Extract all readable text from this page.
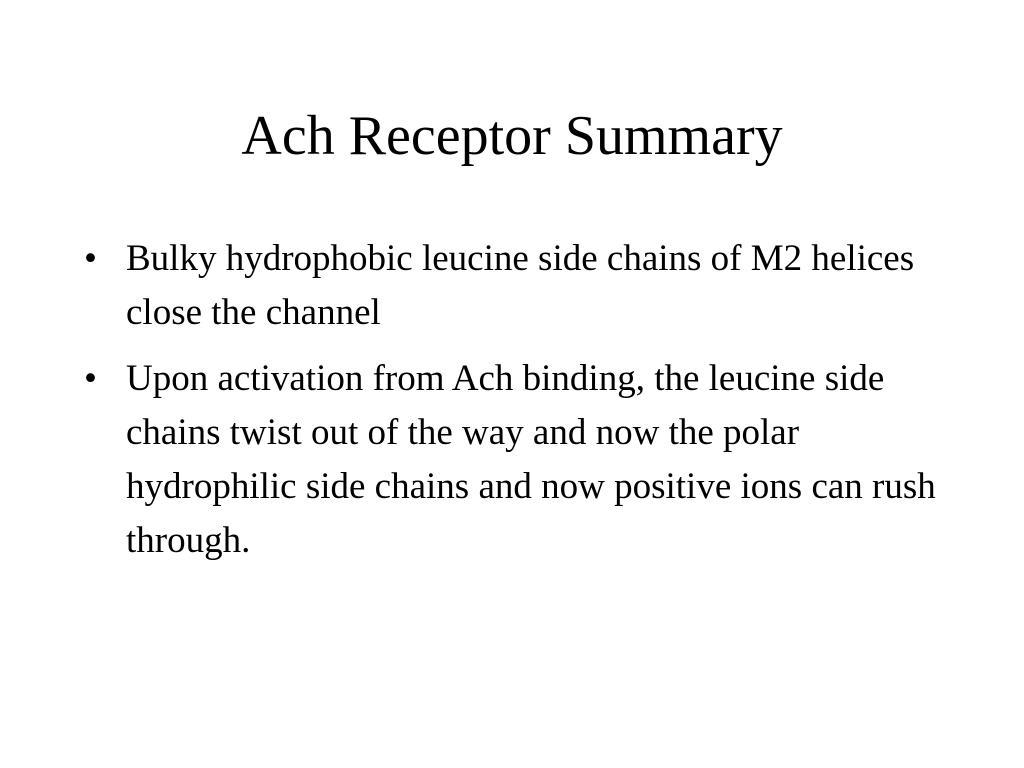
Ach Receptor Summary
• Bulky hydrophobic leucine side chains of M2 helices close the channel
• Upon activation from Ach binding, the leucine side chains twist out of the way and now the polar hydrophilic side chains and now positive ions can rush through.
